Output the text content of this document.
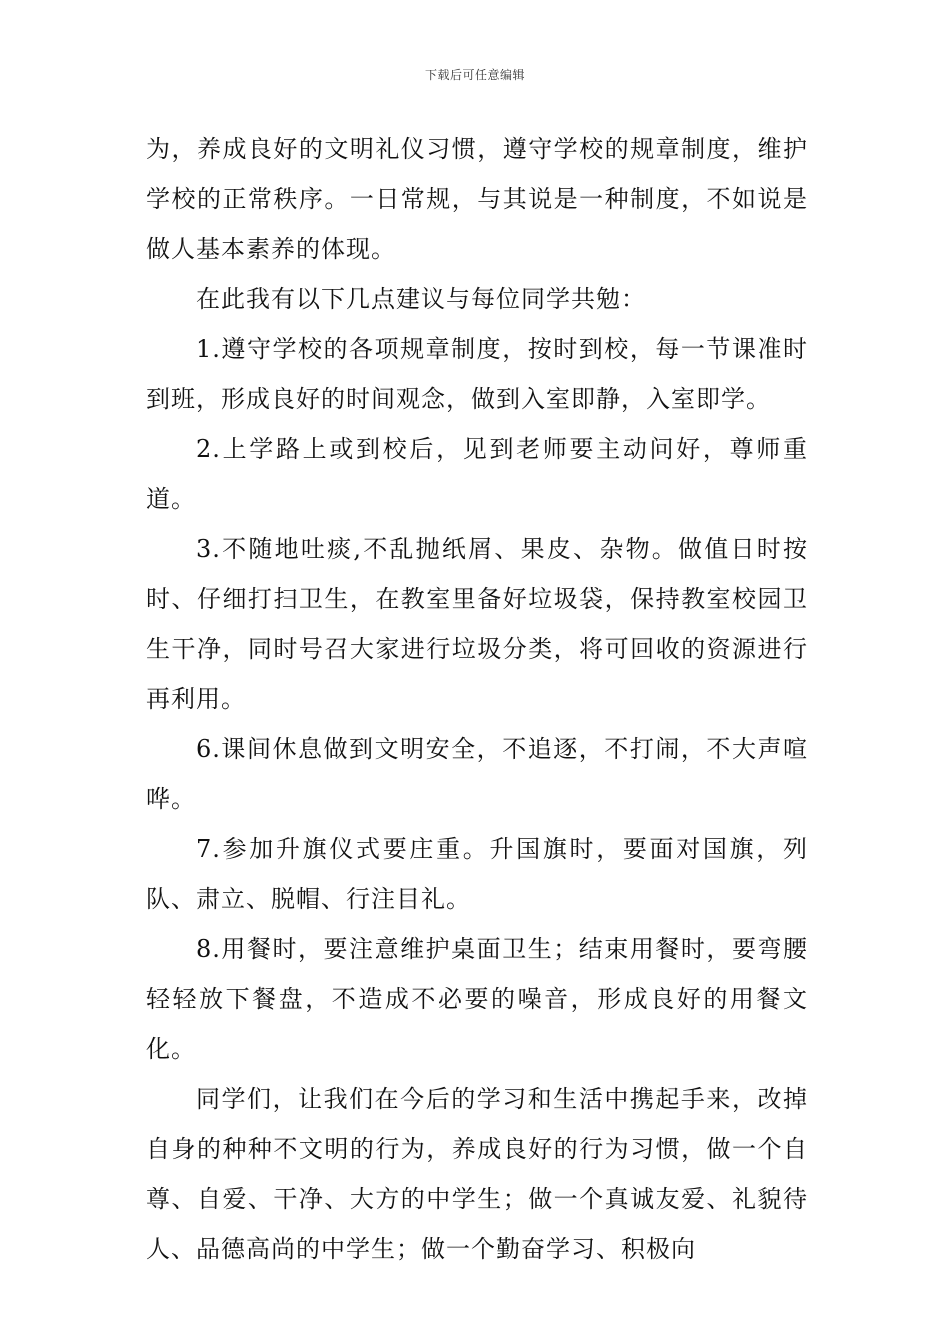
下载后可任意编辑

为，养成良好的文明礼仪习惯，遵守学校的规章制度，维护学校的正常秩序。一日常规，与其说是一种制度，不如说是做人基本素养的体现。

在此我有以下几点建议与每位同学共勉：

1.遵守学校的各项规章制度，按时到校，每一节课准时到班，形成良好的时间观念，做到入室即静，入室即学。

2.上学路上或到校后，见到老师要主动问好，尊师重道。

3.不随地吐痰,不乱抛纸屑、果皮、杂物。做值日时按时、仔细打扫卫生，在教室里备好垃圾袋，保持教室校园卫生干净，同时号召大家进行垃圾分类，将可回收的资源进行再利用。

6.课间休息做到文明安全，不追逐，不打闹，不大声喧哗。

7.参加升旗仪式要庄重。升国旗时，要面对国旗，列队、肃立、脱帽、行注目礼。

8.用餐时，要注意维护桌面卫生；结束用餐时，要弯腰轻轻放下餐盘，不造成不必要的噪音，形成良好的用餐文化。

同学们，让我们在今后的学习和生活中携起手来，改掉自身的种种不文明的行为，养成良好的行为习惯，做一个自尊、自爱、干净、大方的中学生；做一个真诚友爱、礼貌待人、品德高尚的中学生；做一个勤奋学习、积极向
